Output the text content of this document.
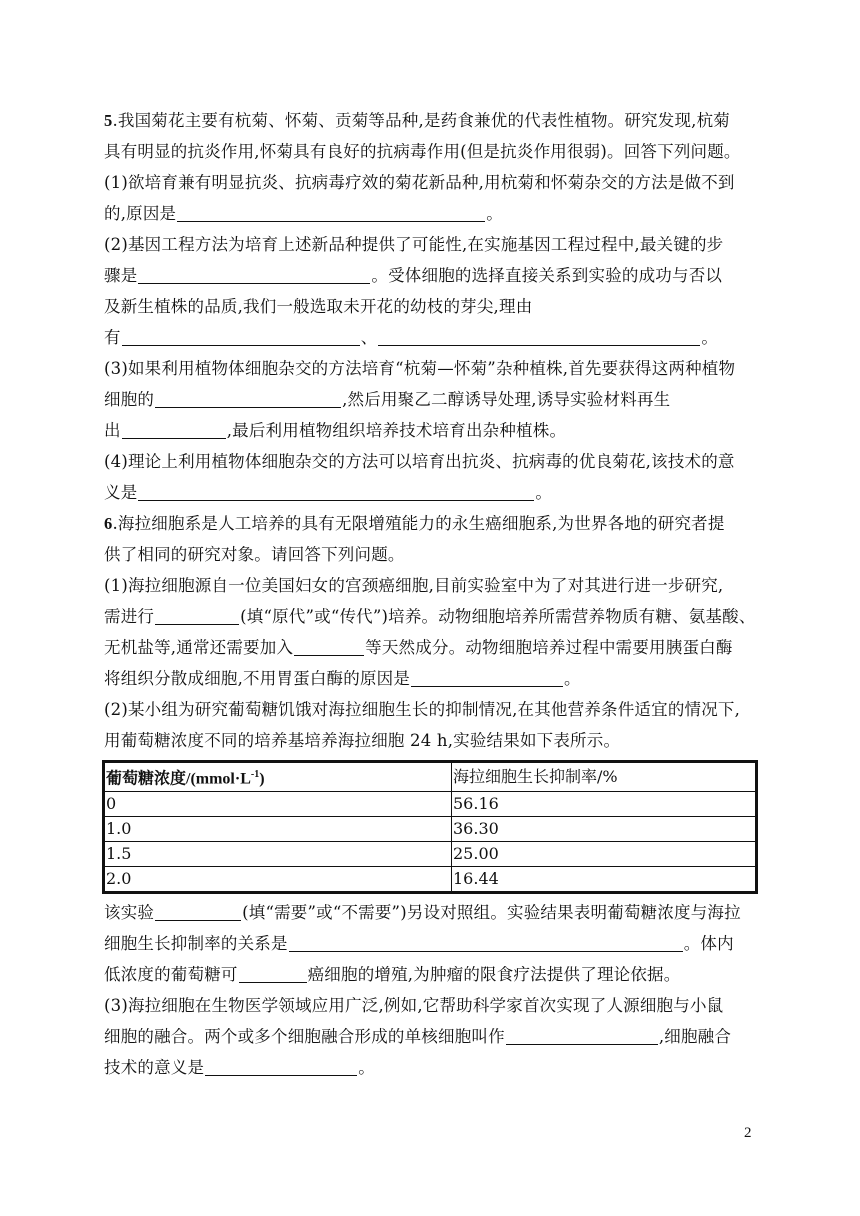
5.我国菊花主要有杭菊、怀菊、贡菊等品种,是药食兼优的代表性植物。研究发现,杭菊
具有明显的抗炎作用,怀菊具有良好的抗病毒作用(但是抗炎作用很弱)。回答下列问题。
(1)欲培育兼有明显抗炎、抗病毒疗效的菊花新品种,用杭菊和怀菊杂交的方法是做不到
的,原因是	。
(2)基因工程方法为培育上述新品种提供了可能性,在实施基因工程过程中,最关键的步
骤是	。受体细胞的选择直接关系到实验的成功与否以
及新生植株的品质,我们一般选取未开花的幼枝的芽尖,理由
有	、	。
(3)如果利用植物体细胞杂交的方法培育“杭菊—怀菊”杂种植株,首先要获得这两种植物
细胞的	,然后用聚乙二醇诱导处理,诱导实验材料再生
出	,最后利用植物组织培养技术培育出杂种植株。
(4)理论上利用植物体细胞杂交的方法可以培育出抗炎、抗病毒的优良菊花,该技术的意
义是	。
6.海拉细胞系是人工培养的具有无限增殖能力的永生癌细胞系,为世界各地的研究者提
供了相同的研究对象。请回答下列问题。
(1)海拉细胞源自一位美国妇女的宫颈癌细胞,目前实验室中为了对其进行进一步研究,
需进行	(填“原代”或“传代”)培养。动物细胞培养所需营养物质有糖、氨基酸、
无机盐等,通常还需要加入	等天然成分。动物细胞培养过程中需要用胰蛋白酶
将组织分散成细胞,不用胃蛋白酶的原因是	。
(2)某小组为研究葡萄糖饥饿对海拉细胞生长的抑制情况,在其他营养条件适宜的情况下,
用葡萄糖浓度不同的培养基培养海拉细胞 24 h,实验结果如下表所示。
葡萄糖浓度$/(mmol\cdot L^{-1})$	海拉细胞生长抑制率/%
0	56.16
1.0	36.30
1.5	25.00
2.0	16.44
该实验	(填“需要”或“不需要”)另设对照组。实验结果表明葡萄糖浓度与海拉
细胞生长抑制率的关系是	。体内
低浓度的葡萄糖可	癌细胞的增殖,为肿瘤的限食疗法提供了理论依据。
(3)海拉细胞在生物医学领域应用广泛,例如,它帮助科学家首次实现了人源细胞与小鼠
细胞的融合。两个或多个细胞融合形成的单核细胞叫作	,细胞融合
技术的意义是	。
2
